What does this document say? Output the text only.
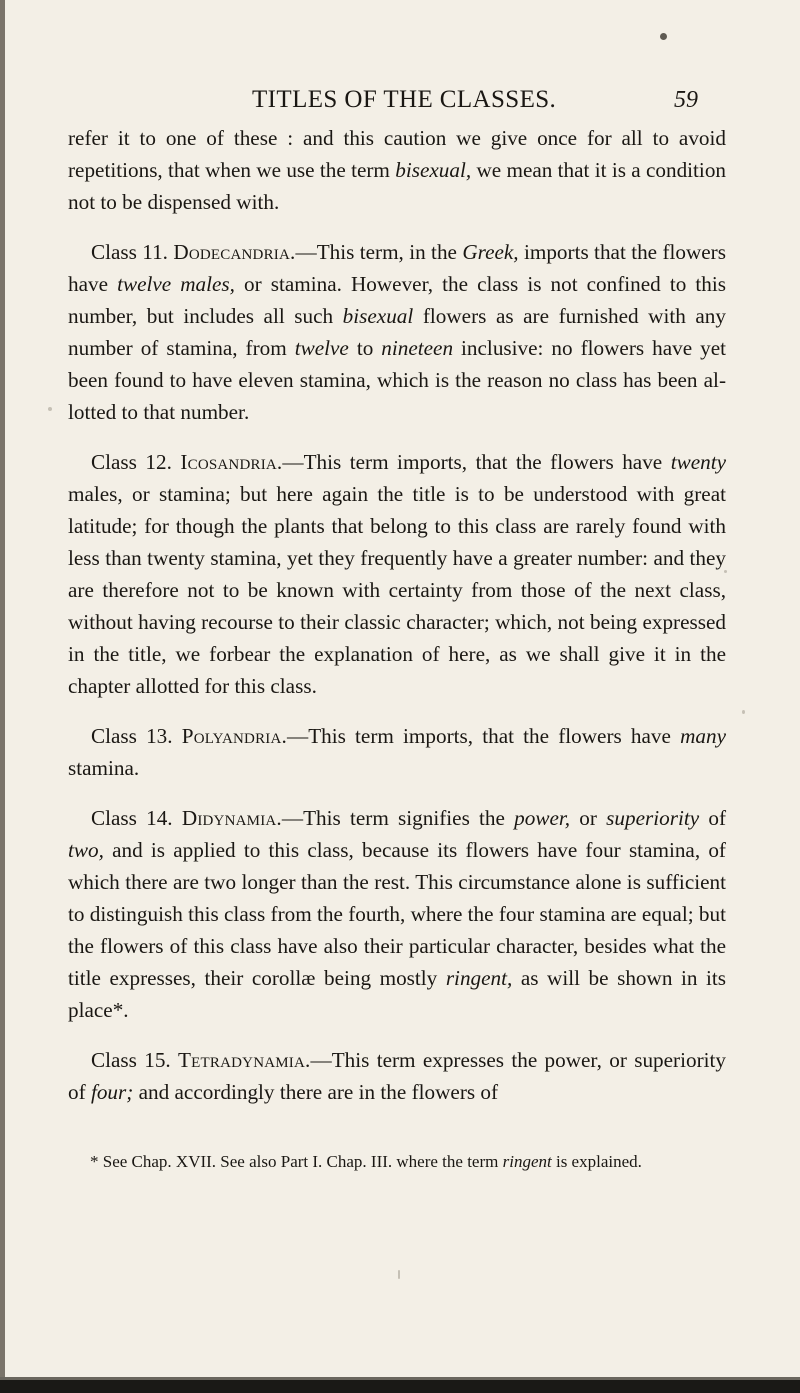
TITLES OF THE CLASSES.	59

refer it to one of these : and this caution we give once for all to avoid repetitions, that when we use the term bisexual, we mean that it is a condition not to be dispensed with.

Class 11. Dodecandria.—This term, in the Greek, imports that the flowers have twelve males, or stamina. However, the class is not confined to this number, but includes all such bisexual flowers as are furnished with any number of stamina, from twelve to nineteen inclusive: no flowers have yet been found to have eleven stamina, which is the reason no class has been allotted to that number.

Class 12. Icosandria.—This term imports, that the flowers have twenty males, or stamina; but here again the title is to be understood with great latitude; for though the plants that belong to this class are rarely found with less than twenty stamina, yet they frequently have a greater number: and they are therefore not to be known with certainty from those of the next class, without having recourse to their classic character; which, not being expressed in the title, we forbear the explanation of here, as we shall give it in the chapter allotted for this class.

Class 13. Polyandria.—This term imports, that the flowers have many stamina.

Class 14. Didynamia.—This term signifies the power, or superiority of two, and is applied to this class, because its flowers have four stamina, of which there are two longer than the rest. This circumstance alone is sufficient to distinguish this class from the fourth, where the four stamina are equal; but the flowers of this class have also their particular character, besides what the title expresses, their corollæ being mostly ringent, as will be shown in its place*.

Class 15. Tetradynamia.—This term expresses the power, or superiority of four; and accordingly there are in the flowers of

* See Chap. XVII. See also Part I. Chap. III. where the term ringent is explained.
